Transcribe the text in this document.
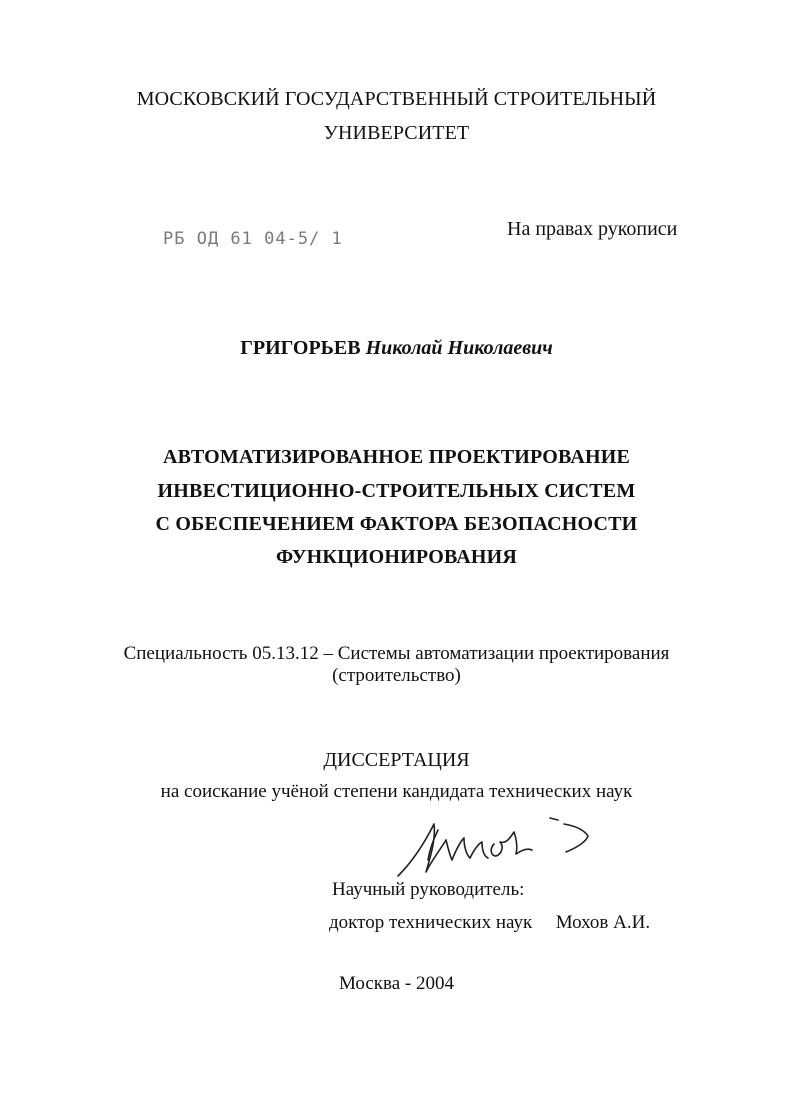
МОСКОВСКИЙ ГОСУДАРСТВЕННЫЙ СТРОИТЕЛЬНЫЙ
УНИВЕРСИТЕТ
РБ ОД 61 04-5/ 1	На правах рукописи
ГРИГОРЬЕВ Николай Николаевич
АВТОМАТИЗИРОВАННОЕ ПРОЕКТИРОВАНИЕ
ИНВЕСТИЦИОННО-СТРОИТЕЛЬНЫХ СИСТЕМ
С ОБЕСПЕЧЕНИЕМ ФАКТОРА БЕЗОПАСНОСТИ
ФУНКЦИОНИРОВАНИЯ
Специальность 05.13.12 – Системы автоматизации проектирования
(строительство)
ДИССЕРТАЦИЯ
на соискание учёной степени кандидата технических наук
Научный руководитель:
доктор технических наук Мохов А.И.
Москва - 2004
